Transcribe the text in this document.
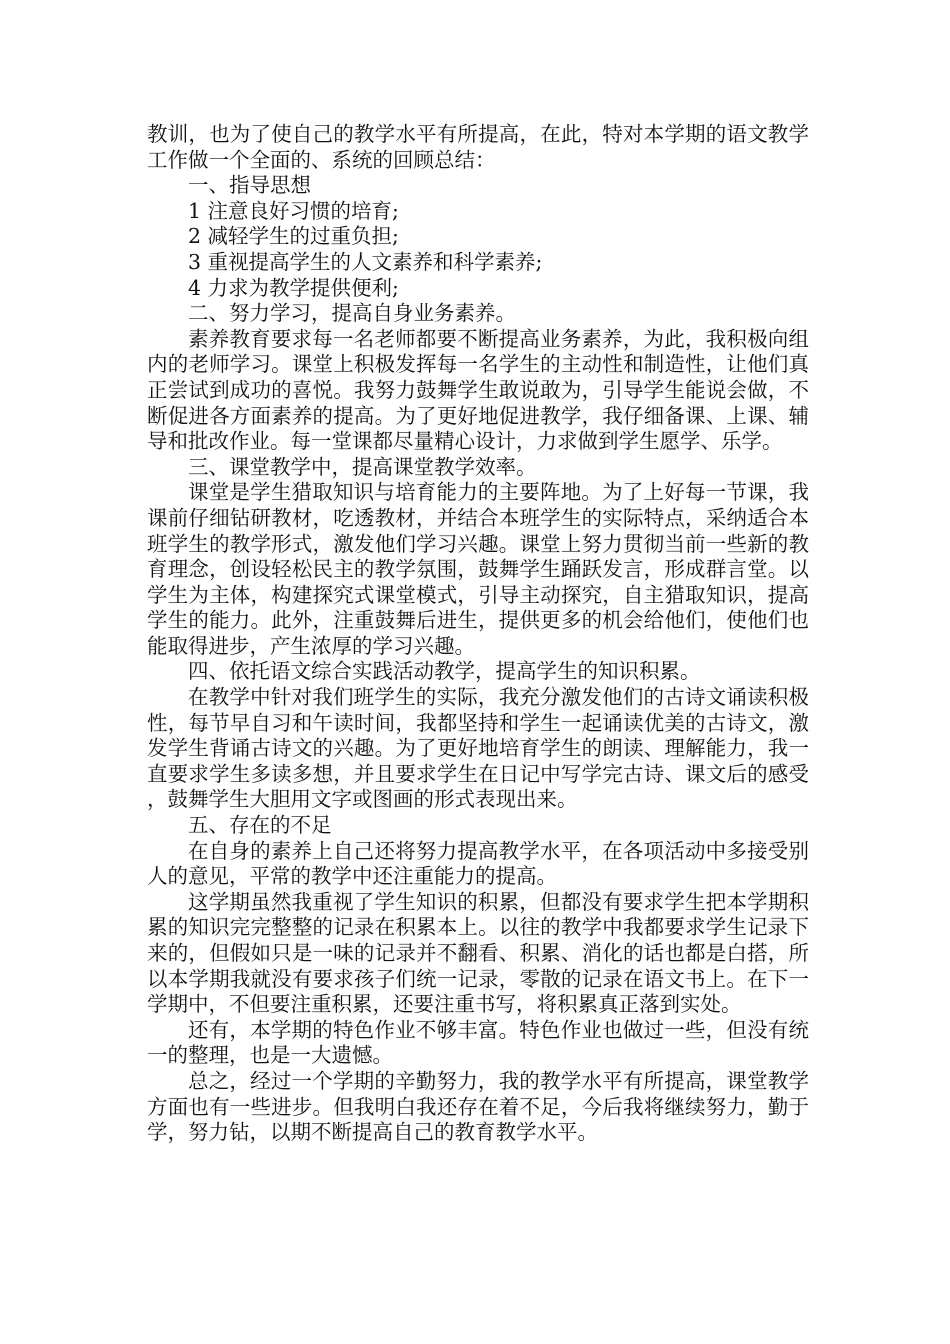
教训，也为了使自己的教学水平有所提高，在此，特对本学期的语文教学工作做一个全面的、系统的回顾总结：

一、指导思想

1 注意良好习惯的培育;

2 减轻学生的过重负担;

3 重视提高学生的人文素养和科学素养;

4 力求为教学提供便利;

二、努力学习，提高自身业务素养。

素养教育要求每一名老师都要不断提高业务素养，为此，我积极向组内的老师学习。课堂上积极发挥每一名学生的主动性和制造性，让他们真正尝试到成功的喜悦。我努力鼓舞学生敢说敢为，引导学生能说会做，不断促进各方面素养的提高。为了更好地促进教学，我仔细备课、上课、辅导和批改作业。每一堂课都尽量精心设计，力求做到学生愿学、乐学。

三、课堂教学中，提高课堂教学效率。

课堂是学生猎取知识与培育能力的主要阵地。为了上好每一节课，我课前仔细钻研教材，吃透教材，并结合本班学生的实际特点，采纳适合本班学生的教学形式，激发他们学习兴趣。课堂上努力贯彻当前一些新的教育理念，创设轻松民主的教学氛围，鼓舞学生踊跃发言，形成群言堂。以学生为主体，构建探究式课堂模式，引导主动探究，自主猎取知识，提高学生的能力。此外，注重鼓舞后进生，提供更多的机会给他们，使他们也能取得进步，产生浓厚的学习兴趣。

四、依托语文综合实践活动教学，提高学生的知识积累。

在教学中针对我们班学生的实际，我充分激发他们的古诗文诵读积极性，每节早自习和午读时间，我都坚持和学生一起诵读优美的古诗文，激发学生背诵古诗文的兴趣。为了更好地培育学生的朗读、理解能力，我一直要求学生多读多想，并且要求学生在日记中写学完古诗、课文后的感受，鼓舞学生大胆用文字或图画的形式表现出来。

五、存在的不足

在自身的素养上自己还将努力提高教学水平，在各项活动中多接受别人的意见，平常的教学中还注重能力的提高。

这学期虽然我重视了学生知识的积累，但都没有要求学生把本学期积累的知识完完整整的记录在积累本上。以往的教学中我都要求学生记录下来的，但假如只是一味的记录并不翻看、积累、消化的话也都是白搭，所以本学期我就没有要求孩子们统一记录，零散的记录在语文书上。在下一学期中，不但要注重积累，还要注重书写，将积累真正落到实处。

还有，本学期的特色作业不够丰富。特色作业也做过一些，但没有统一的整理，也是一大遗憾。

总之，经过一个学期的辛勤努力，我的教学水平有所提高，课堂教学方面也有一些进步。但我明白我还存在着不足，今后我将继续努力，勤于学，努力钻，以期不断提高自己的教育教学水平。
